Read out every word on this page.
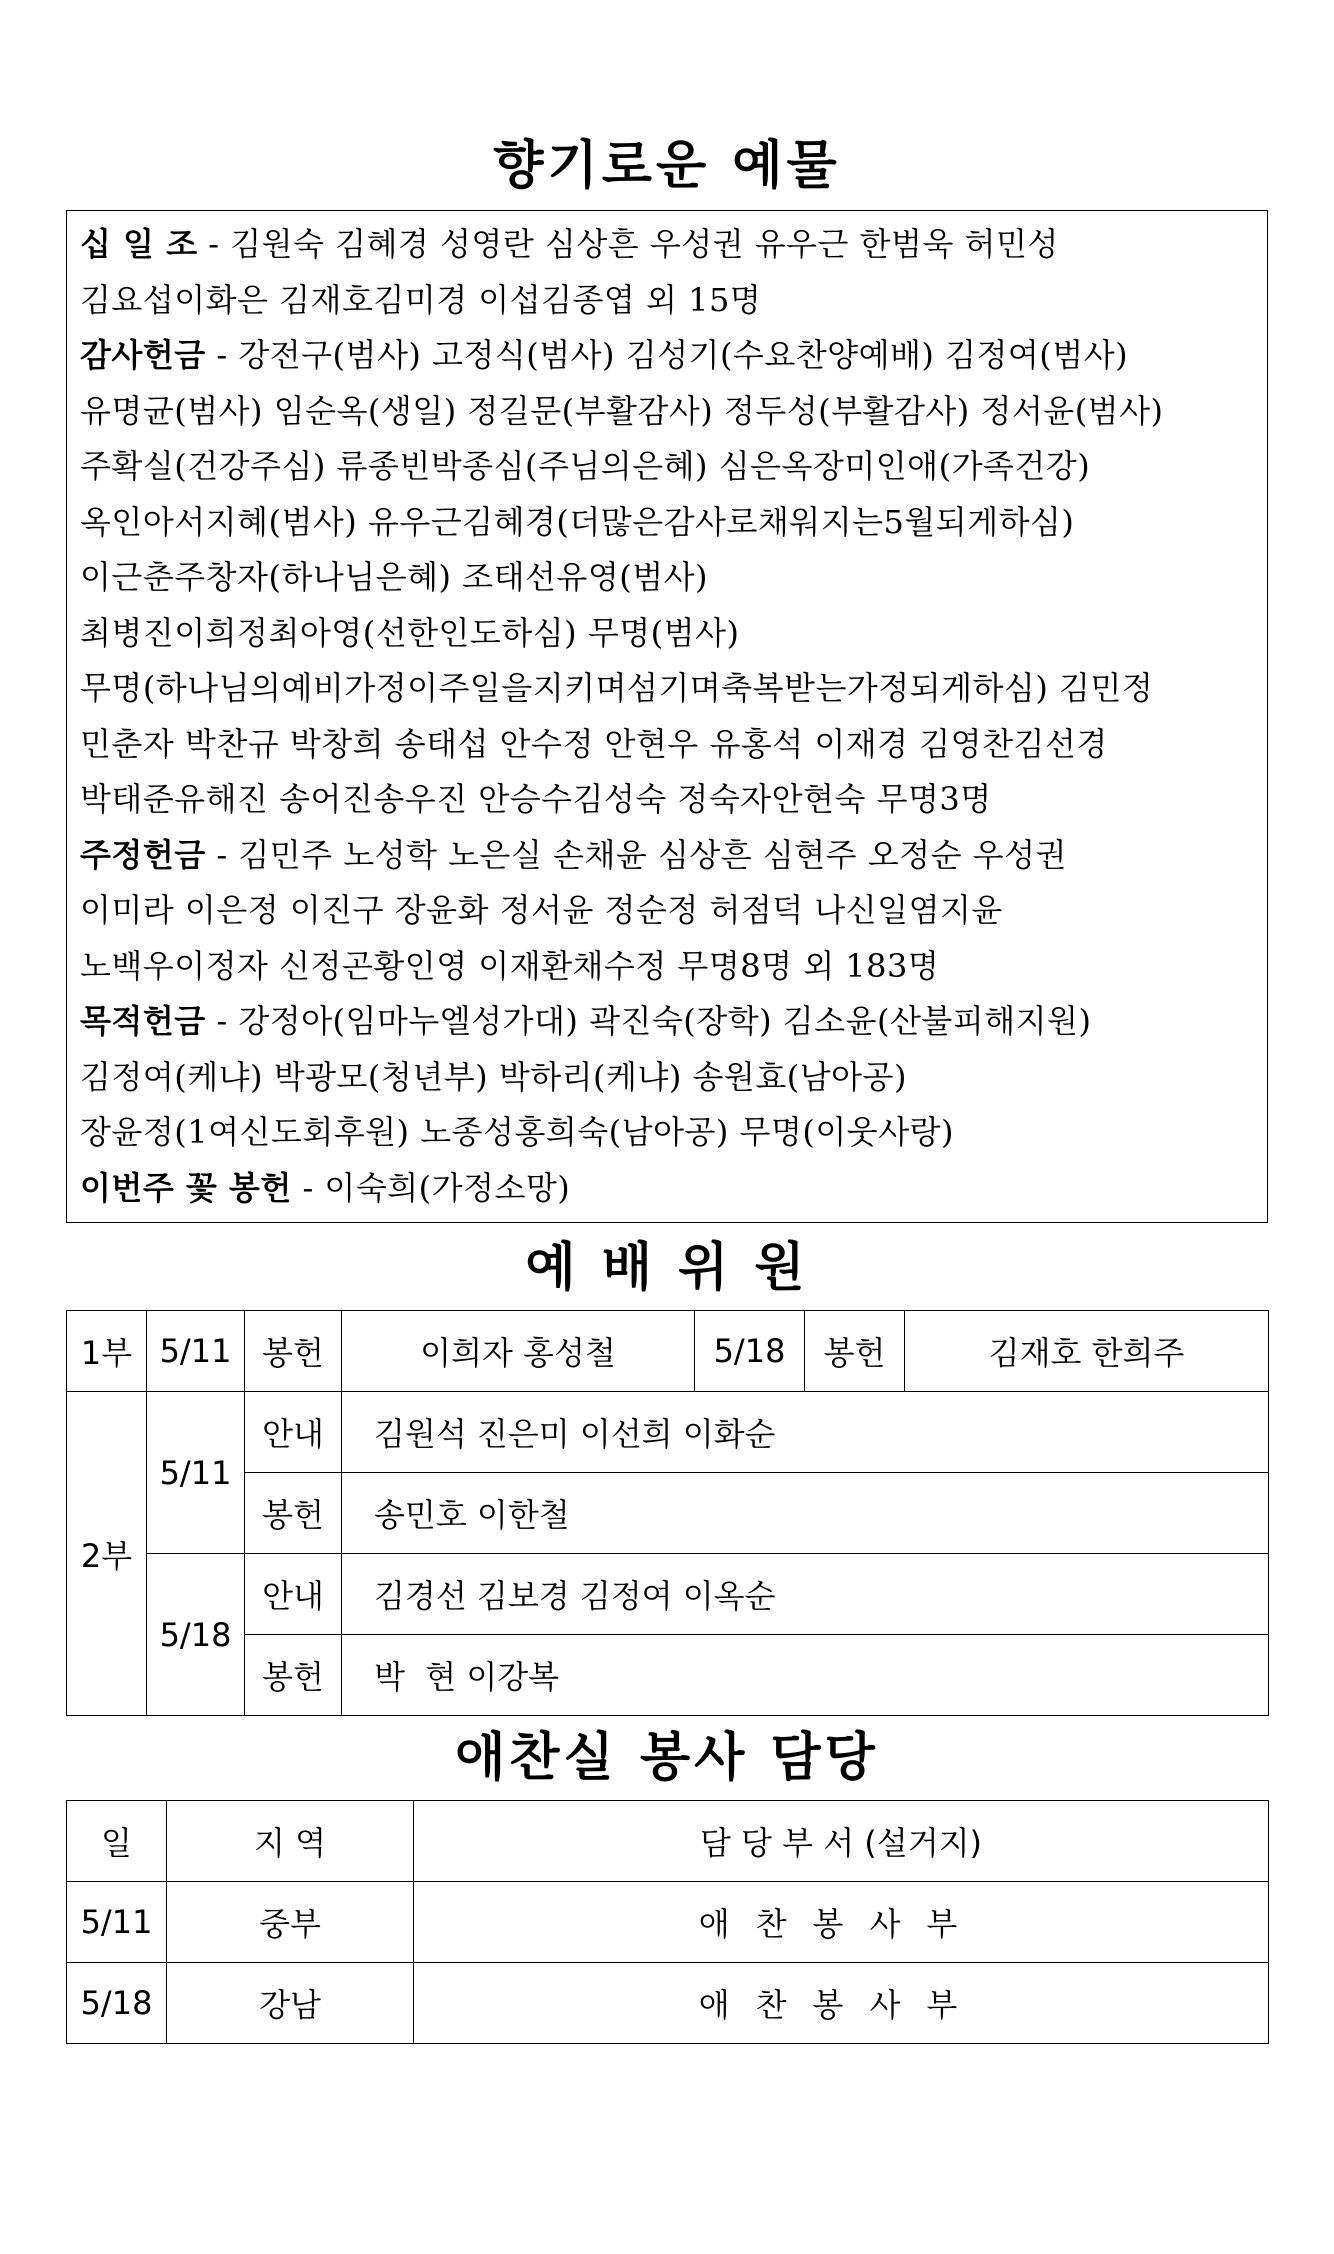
향기로운 예물
십 일 조 - 김원숙 김혜경 성영란 심상흔 우성권 유우근 한범욱 허민성
김요섭이화은 김재호김미경 이섭김종엽 외 15명
감사헌금 - 강전구(범사) 고정식(범사) 김성기(수요찬양예배) 김정여(범사)
유명균(범사) 임순옥(생일) 정길문(부활감사) 정두성(부활감사) 정서윤(범사)
주확실(건강주심) 류종빈박종심(주님의은혜) 심은옥장미인애(가족건강)
옥인아서지혜(범사) 유우근김혜경(더많은감사로채워지는5월되게하심)
이근춘주창자(하나님은혜) 조태선유영(범사)
최병진이희정최아영(선한인도하심) 무명(범사)
무명(하나님의예비가정이주일을지키며섬기며축복받는가정되게하심) 김민정
민춘자 박찬규 박창희 송태섭 안수정 안현우 유홍석 이재경 김영찬김선경
박태준유해진 송어진송우진 안승수김성숙 정숙자안현숙 무명3명
주정헌금 - 김민주 노성학 노은실 손채윤 심상흔 심현주 오정순 우성권
이미라 이은정 이진구 장윤화 정서윤 정순정 허점덕 나신일염지윤
노백우이정자 신정곤황인영 이재환채수정 무명8명 외 183명
목적헌금 - 강정아(임마누엘성가대) 곽진숙(장학) 김소윤(산불피해지원)
김정여(케냐) 박광모(청년부) 박하리(케냐) 송원효(남아공)
장윤정(1여신도회후원) 노종성홍희숙(남아공) 무명(이웃사랑)
이번주 꽃 봉헌 - 이숙희(가정소망)
예 배 위 원
1부	5/11	봉헌	이희자 홍성철	5/18	봉헌	김재호 한희주
2부	5/11	안내	김원석 진은미 이선희 이화순			
		봉헌	송민호 이한철			
	5/18	안내	김경선 김보경 김정여 이옥순			
		봉헌	박  현 이강복			
애찬실 봉사 담당
일	지 역	담 당 부 서 (설거지)
5/11	중부	애찬봉사부
5/18	강남	애찬봉사부
